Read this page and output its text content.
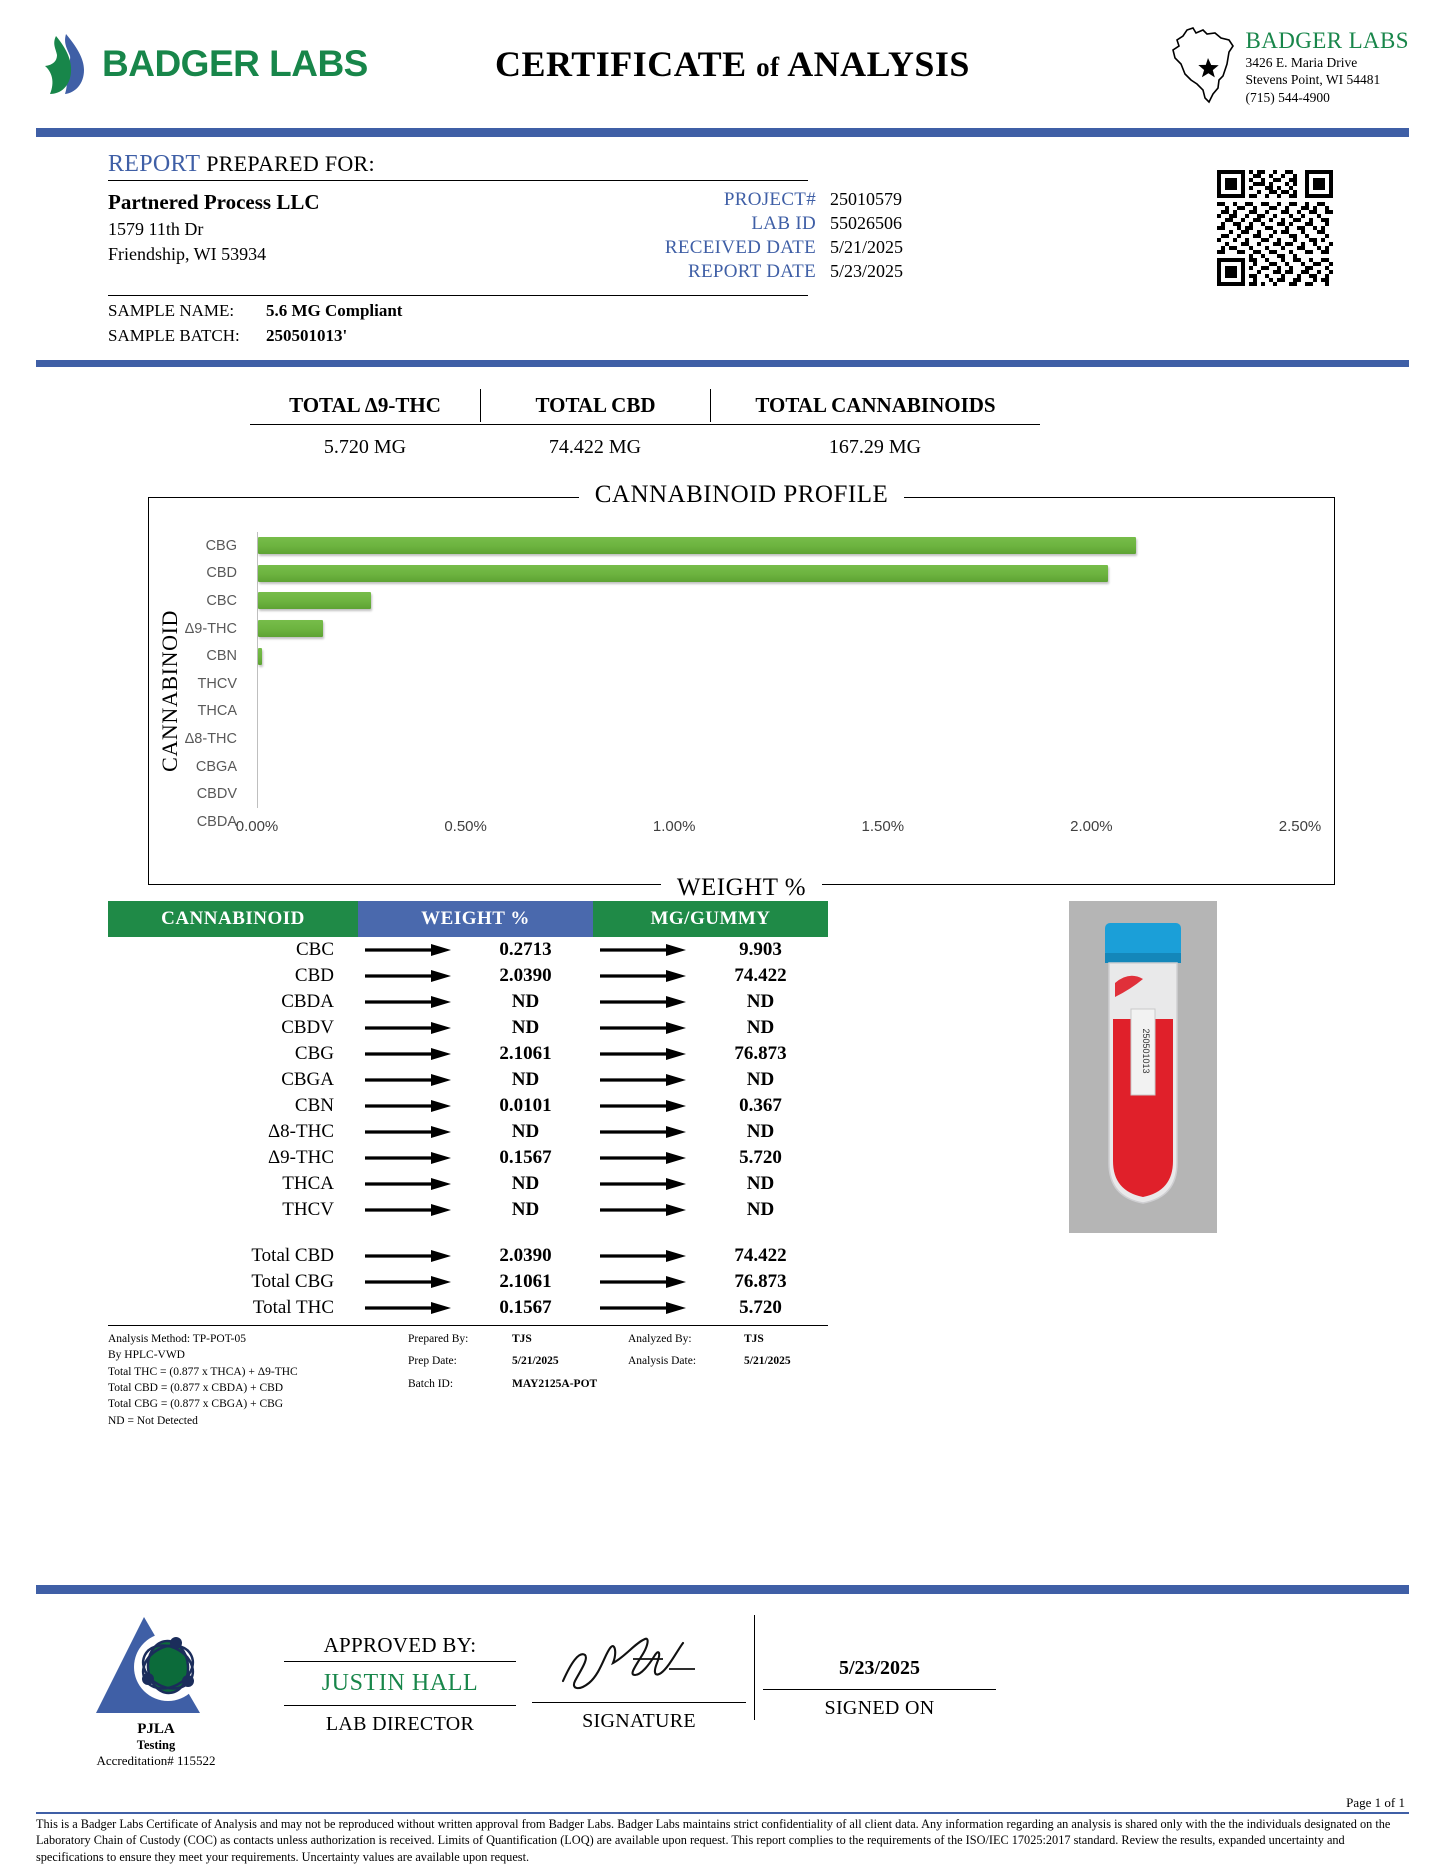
BADGER LABS	CERTIFICATE of ANALYSIS
BADGER LABS
3426 E. Maria Drive
Stevens Point, WI 54481
(715) 544-4900
REPORT PREPARED FOR:
Partnered Process LLC
1579 11th Dr
Friendship, WI 53934
PROJECT# 25010579
LAB ID 55026506
RECEIVED DATE 5/21/2025
REPORT DATE 5/23/2025
SAMPLE NAME:	5.6 MG Compliant
SAMPLE BATCH:	250501013'
TOTAL Δ9-THC	TOTAL CBD	TOTAL CANNABINOIDS
5.720 MG	74.422 MG	167.29 MG
CANNABINOID PROFILE
CANNABINOID
CBG
CBD
CBC
Δ9-THC
CBN
THCV
THCA
Δ8-THC
CBGA
CBDV
CBDA
0.00%	0.50%	1.00%	1.50%	2.00%	2.50%
WEIGHT %
CANNABINOID	WEIGHT %	MG/GUMMY
CBC	0.2713	9.903
CBD	2.0390	74.422
CBDA	ND	ND
CBDV	ND	ND
CBG	2.1061	76.873
CBGA	ND	ND
CBN	0.0101	0.367
Δ8-THC	ND	ND
Δ9-THC	0.1567	5.720
THCA	ND	ND
THCV	ND	ND
Total CBD	2.0390	74.422
Total CBG	2.1061	76.873
Total THC	0.1567	5.720
Analysis Method: TP-POT-05
By HPLC-VWD
Total THC = (0.877 x THCA) + Δ9-THC
Total CBD = (0.877 x CBDA) + CBD
Total CBG = (0.877 x CBGA) + CBG
ND = Not Detected
Prepared By:	TJS
Prep Date:	5/21/2025
Batch ID:	MAY2125A-POT
Analyzed By:	TJS
Analysis Date:	5/21/2025
250501013
PJLA
Testing
Accreditation# 115522
APPROVED BY:
JUSTIN HALL
LAB DIRECTOR	SIGNATURE
5/23/2025
SIGNED ON
Page 1 of 1
This is a Badger Labs Certificate of Analysis and may not be reproduced without written approval from Badger Labs. Badger Labs maintains strict confidentiality of all client data. Any information regarding an analysis is shared only with the the individuals designated on the Laboratory Chain of Custody (COC) as contacts unless authorization is received. Limits of Quantification (LOQ) are available upon request. This report complies to the requirements of the ISO/IEC 17025:2017 standard. Review the results, expanded uncertainty and specifications to ensure they meet your requirements. Uncertainty values are available upon request.
